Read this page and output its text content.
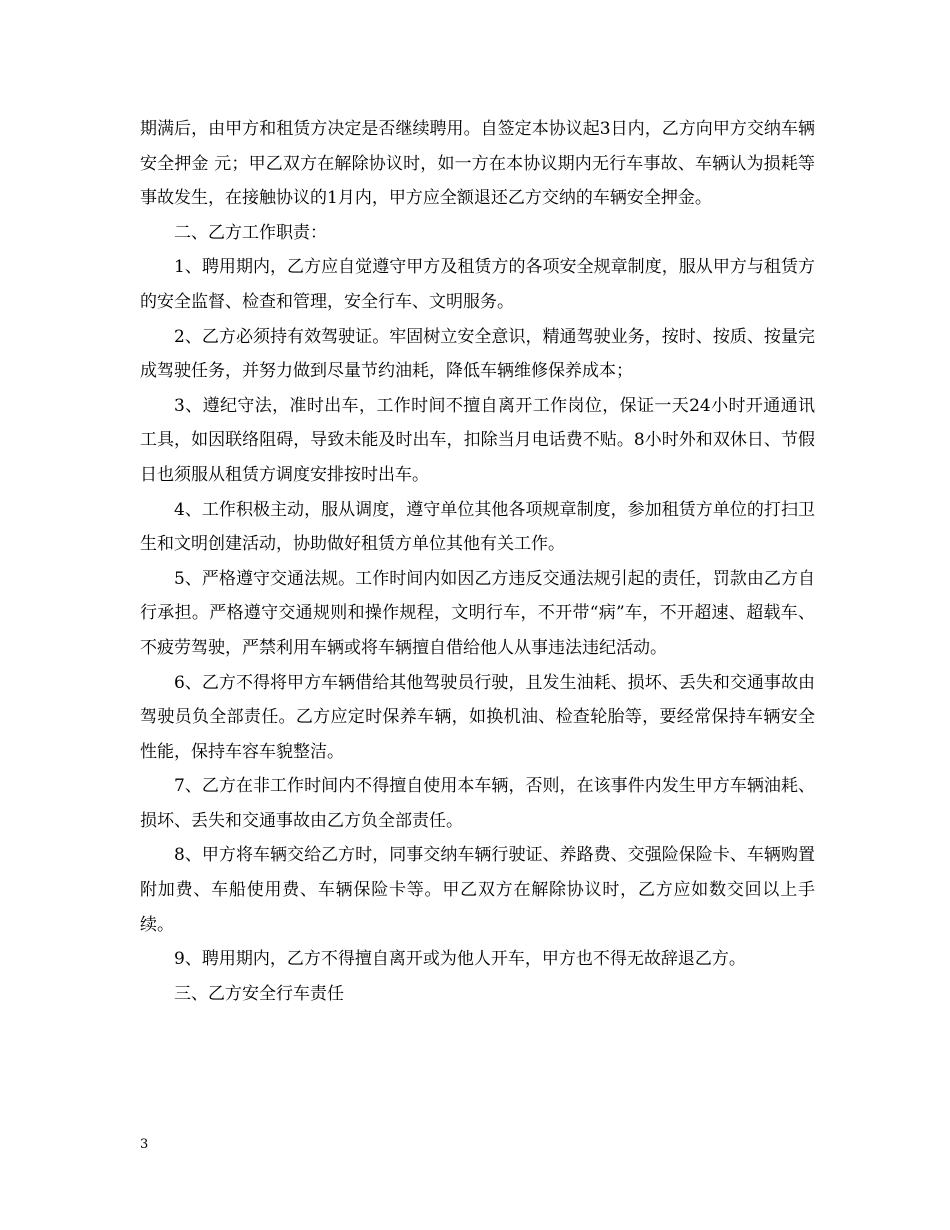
期满后，由甲方和租赁方决定是否继续聘用。自签定本协议起3日内，乙方向甲方交纳车辆安全押金 元；甲乙双方在解除协议时，如一方在本协议期内无行车事故、车辆认为损耗等事故发生，在接触协议的1月内，甲方应全额退还乙方交纳的车辆安全押金。

二、乙方工作职责：

1、聘用期内，乙方应自觉遵守甲方及租赁方的各项安全规章制度，服从甲方与租赁方的安全监督、检查和管理，安全行车、文明服务。

2、乙方必须持有效驾驶证。牢固树立安全意识，精通驾驶业务，按时、按质、按量完成驾驶任务，并努力做到尽量节约油耗，降低车辆维修保养成本；

3、遵纪守法，准时出车，工作时间不擅自离开工作岗位，保证一天24小时开通通讯工具，如因联络阻碍，导致未能及时出车，扣除当月电话费不贴。8小时外和双休日、节假日也须服从租赁方调度安排按时出车。

4、工作积极主动，服从调度，遵守单位其他各项规章制度，参加租赁方单位的打扫卫生和文明创建活动，协助做好租赁方单位其他有关工作。

5、严格遵守交通法规。工作时间内如因乙方违反交通法规引起的责任，罚款由乙方自行承担。严格遵守交通规则和操作规程，文明行车，不开带“病”车，不开超速、超载车、不疲劳驾驶，严禁利用车辆或将车辆擅自借给他人从事违法违纪活动。

6、乙方不得将甲方车辆借给其他驾驶员行驶，且发生油耗、损坏、丢失和交通事故由驾驶员负全部责任。乙方应定时保养车辆，如换机油、检查轮胎等，要经常保持车辆安全性能，保持车容车貌整洁。

7、乙方在非工作时间内不得擅自使用本车辆，否则，在该事件内发生甲方车辆油耗、损坏、丢失和交通事故由乙方负全部责任。

8、甲方将车辆交给乙方时，同事交纳车辆行驶证、养路费、交强险保险卡、车辆购置附加费、车船使用费、车辆保险卡等。甲乙双方在解除协议时，乙方应如数交回以上手续。

9、聘用期内，乙方不得擅自离开或为他人开车，甲方也不得无故辞退乙方。

三、乙方安全行车责任

3
